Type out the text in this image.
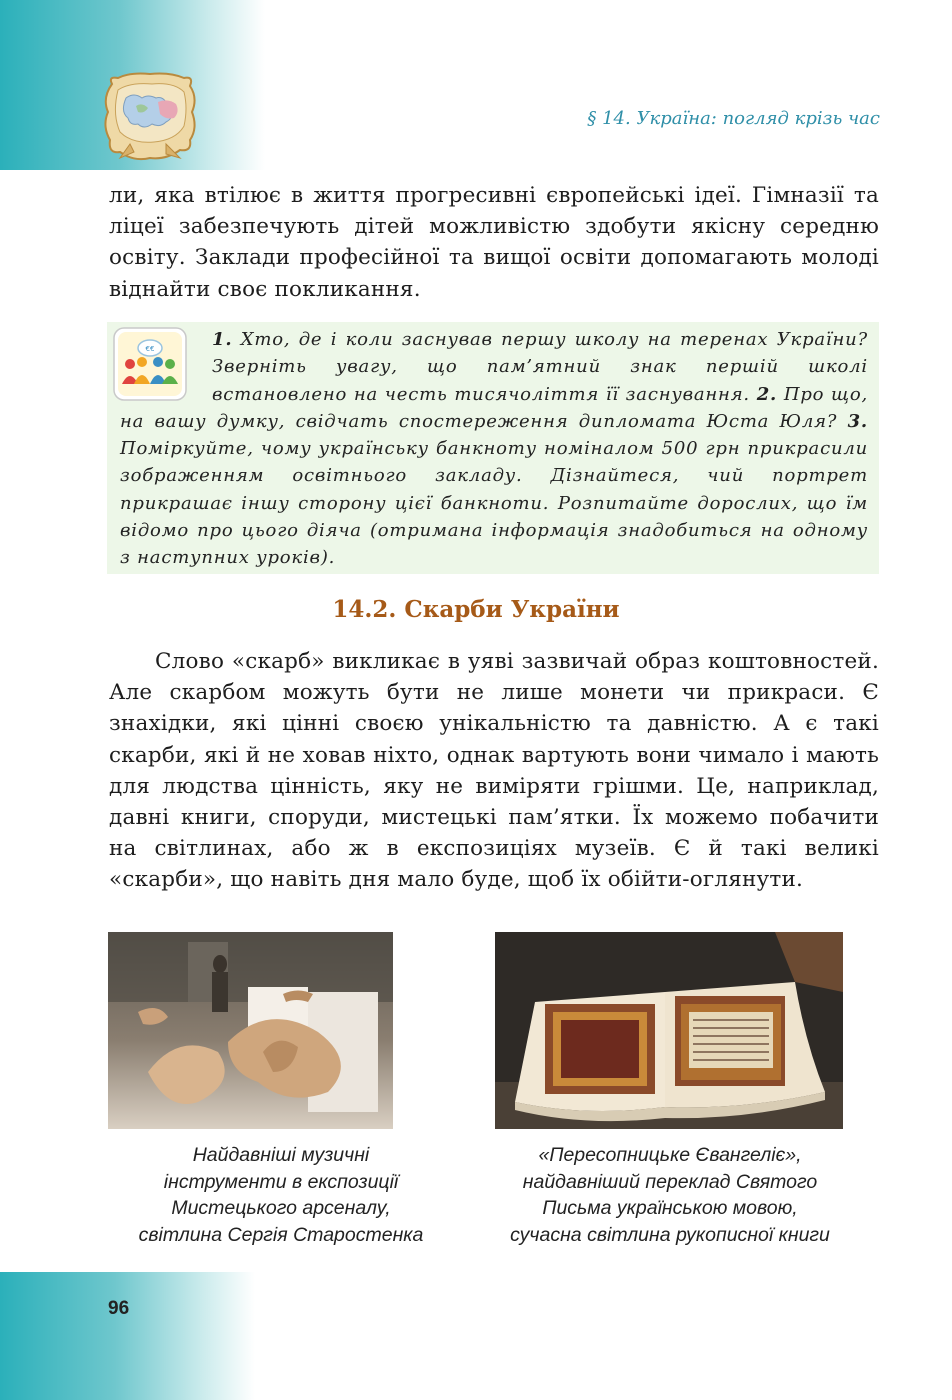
§ 14. Україна: погляд крізь час

ли, яка втілює в життя прогресивні європейські ідеї. Гімназії та ліцеї забезпечують дітей можливістю здобути якісну середню освіту. Заклади професійної та вищої освіти допомагають молоді віднайти своє покликання.

€€	1. Хто, де і коли заснував першу школу на теренах України? Зверніть увагу, що пам’ятний знак першій школі встановлено на честь тисячоліття її заснування. 2. Про що, на вашу думку, свідчать спостереження дипломата Юста Юля? 3. Поміркуйте, чому українську банкноту номіналом 500 грн прикрасили зображенням освітнього закладу. Дізнайтеся, чий портрет прикрашає іншу сторону цієї банкноти. Розпитайте дорослих, що їм відомо про цього діяча (отримана інформація знадобиться на одному з наступних уроків).

14.2. Скарби України

Слово «скарб» викликає в уяві зазвичай образ коштовностей. Але скарбом можуть бути не лише монети чи прикраси. Є знахідки, які цінні своєю унікальністю та давністю. А є такі скарби, які й не ховав ніхто, однак вартують вони чимало і мають для людства цінність, яку не виміряти грішми. Це, наприклад, давні книги, споруди, мистецькі пам’ятки. Їх можемо побачити на світлинах, або ж в експозиціях музеїв. Є й такі великі «скарби», що навіть дня мало буде, щоб їх обійти-оглянути.

Найдавніші музичні
інструменти в експозиції
Мистецького арсеналу,
світлина Сергія Старостенка

«Пересопницьке Євангеліє»,
найдавніший переклад Святого
Письма українською мовою,
сучасна світлина рукописної книги

96
